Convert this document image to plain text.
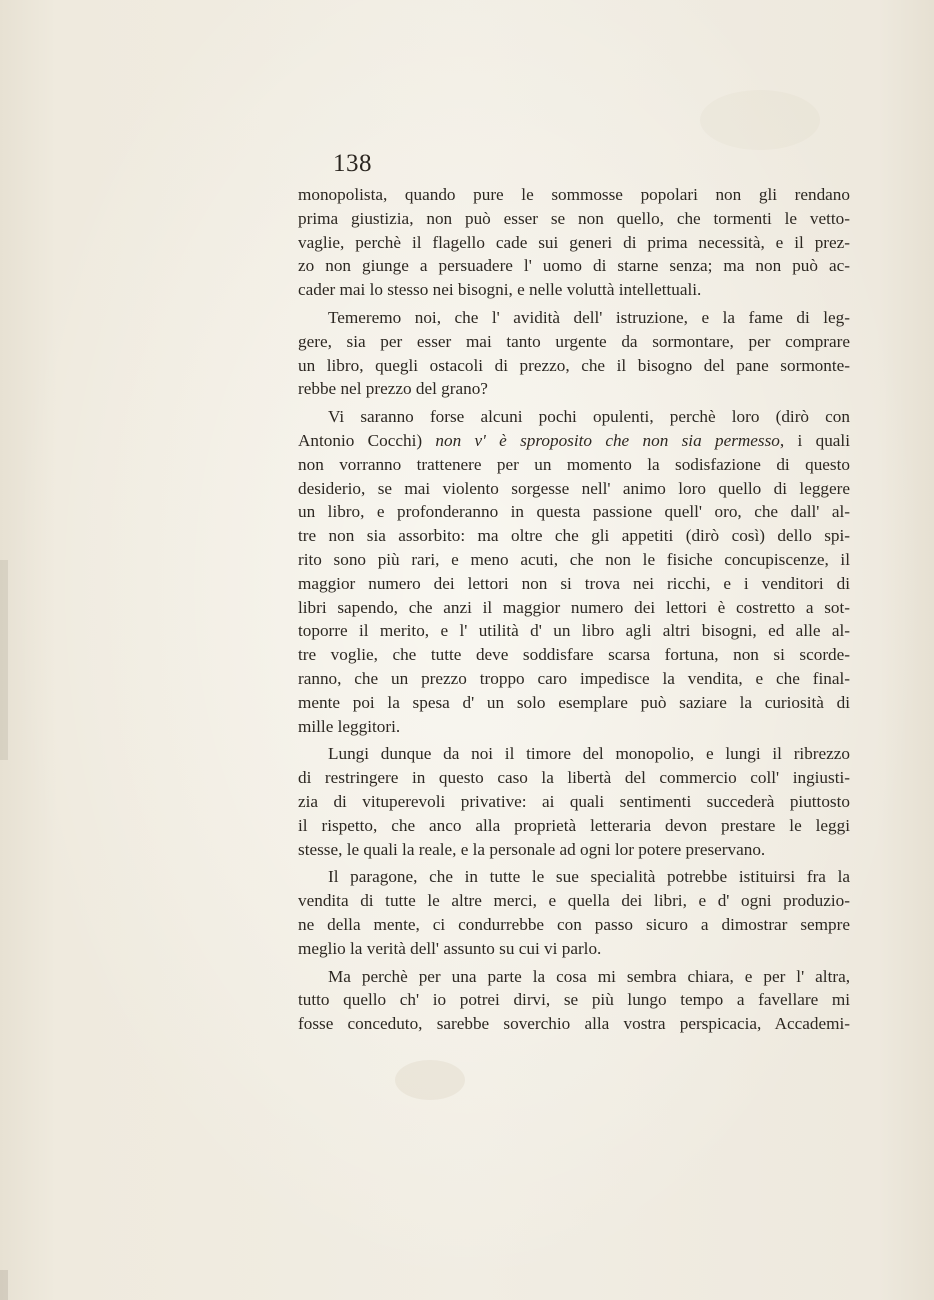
138
monopolista, quando pure le sommosse popolari non gli rendano
prima giustizia, non può esser se non quello, che tormenti le vetto-
vaglie, perchè il flagello cade sui generi di prima necessità, e il prez-
zo non giunge a persuadere l' uomo di starne senza; ma non può ac-
cader mai lo stesso nei bisogni, e nelle voluttà intellettuali.
Temeremo noi, che l' avidità dell' istruzione, e la fame di leg-
gere, sia per esser mai tanto urgente da sormontare, per comprare
un libro, quegli ostacoli di prezzo, che il bisogno del pane sormonte-
rebbe nel prezzo del grano?
Vi saranno forse alcuni pochi opulenti, perchè loro (dirò con
Antonio Cocchi) non v' è sproposito che non sia permesso, i quali
non vorranno trattenere per un momento la sodisfazione di questo
desiderio, se mai violento sorgesse nell' animo loro quello di leggere
un libro, e profonderanno in questa passione quell' oro, che dall' al-
tre non sia assorbito: ma oltre che gli appetiti (dirò così) dello spi-
rito sono più rari, e meno acuti, che non le fisiche concupiscenze, il
maggior numero dei lettori non si trova nei ricchi, e i venditori di
libri sapendo, che anzi il maggior numero dei lettori è costretto a sot-
toporre il merito, e l' utilità d' un libro agli altri bisogni, ed alle al-
tre voglie, che tutte deve soddisfare scarsa fortuna, non si scorde-
ranno, che un prezzo troppo caro impedisce la vendita, e che final-
mente poi la spesa d' un solo esemplare può saziare la curiosità di
mille leggitori.
Lungi dunque da noi il timore del monopolio, e lungi il ribrezzo
di restringere in questo caso la libertà del commercio coll' ingiusti-
zia di vituperevoli privative: ai quali sentimenti succederà piuttosto
il rispetto, che anco alla proprietà letteraria devon prestare le leggi
stesse, le quali la reale, e la personale ad ogni lor potere preservano.
Il paragone, che in tutte le sue specialità potrebbe istituirsi fra la
vendita di tutte le altre merci, e quella dei libri, e d' ogni produzio-
ne della mente, ci condurrebbe con passo sicuro a dimostrar sempre
meglio la verità dell' assunto su cui vi parlo.
Ma perchè per una parte la cosa mi sembra chiara, e per l' altra,
tutto quello ch' io potrei dirvi, se più lungo tempo a favellare mi
fosse conceduto, sarebbe soverchio alla vostra perspicacia, Accademi-
